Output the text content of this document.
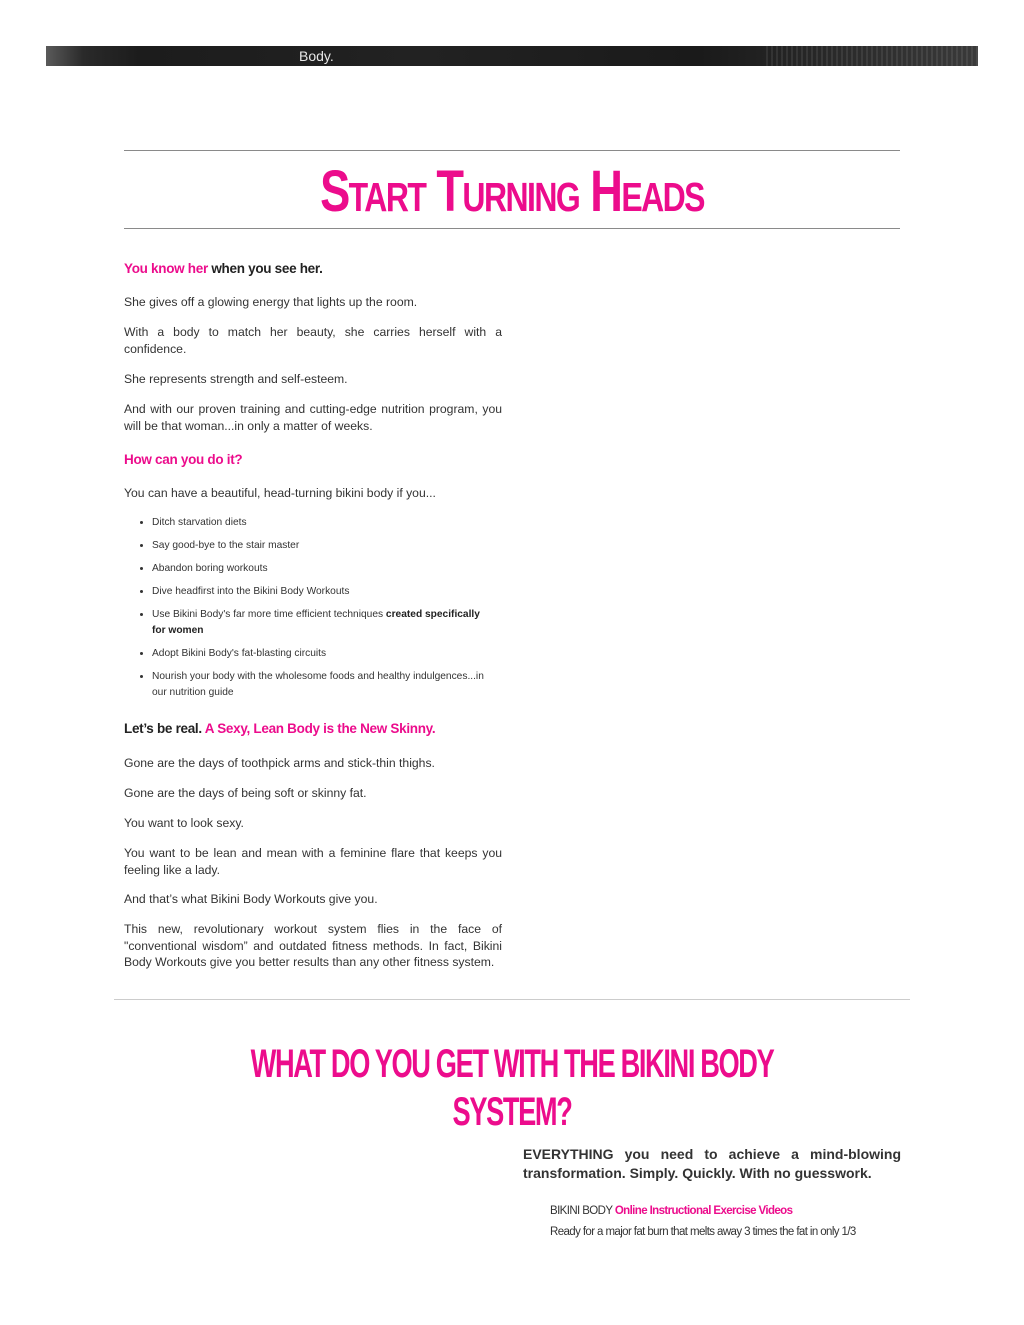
Body.
Start Turning Heads

You know her when you see her.

She gives off a glowing energy that lights up the room.

With a body to match her beauty, she carries herself with a confidence.

She represents strength and self-esteem.

And with our proven training and cutting-edge nutrition program, you will be that woman...in only a matter of weeks.

How can you do it?

You can have a beautiful, head-turning bikini body if you...

• Ditch starvation diets
• Say good-bye to the stair master
• Abandon boring workouts
• Dive headfirst into the Bikini Body Workouts
• Use Bikini Body's far more time efficient techniques created specifically for women
• Adopt Bikini Body's fat-blasting circuits
• Nourish your body with the wholesome foods and healthy indulgences...in our nutrition guide

Let’s be real. A Sexy, Lean Body is the New Skinny.

Gone are the days of toothpick arms and stick-thin thighs.

Gone are the days of being soft or skinny fat.

You want to look sexy.

You want to be lean and mean with a feminine flare that keeps you feeling like a lady.

And that’s what Bikini Body Workouts give you.

This new, revolutionary workout system flies in the face of "conventional wisdom” and outdated fitness methods. In fact, Bikini Body Workouts give you better results than any other fitness system.

WHAT DO YOU GET WITH THE BIKINI BODY SYSTEM?

EVERYTHING you need to achieve a mind-blowing transformation. Simply. Quickly. With no guesswork.

BIKINI BODY Online Instructional Exercise Videos
Ready for a major fat burn that melts away 3 times the fat in only 1/3
